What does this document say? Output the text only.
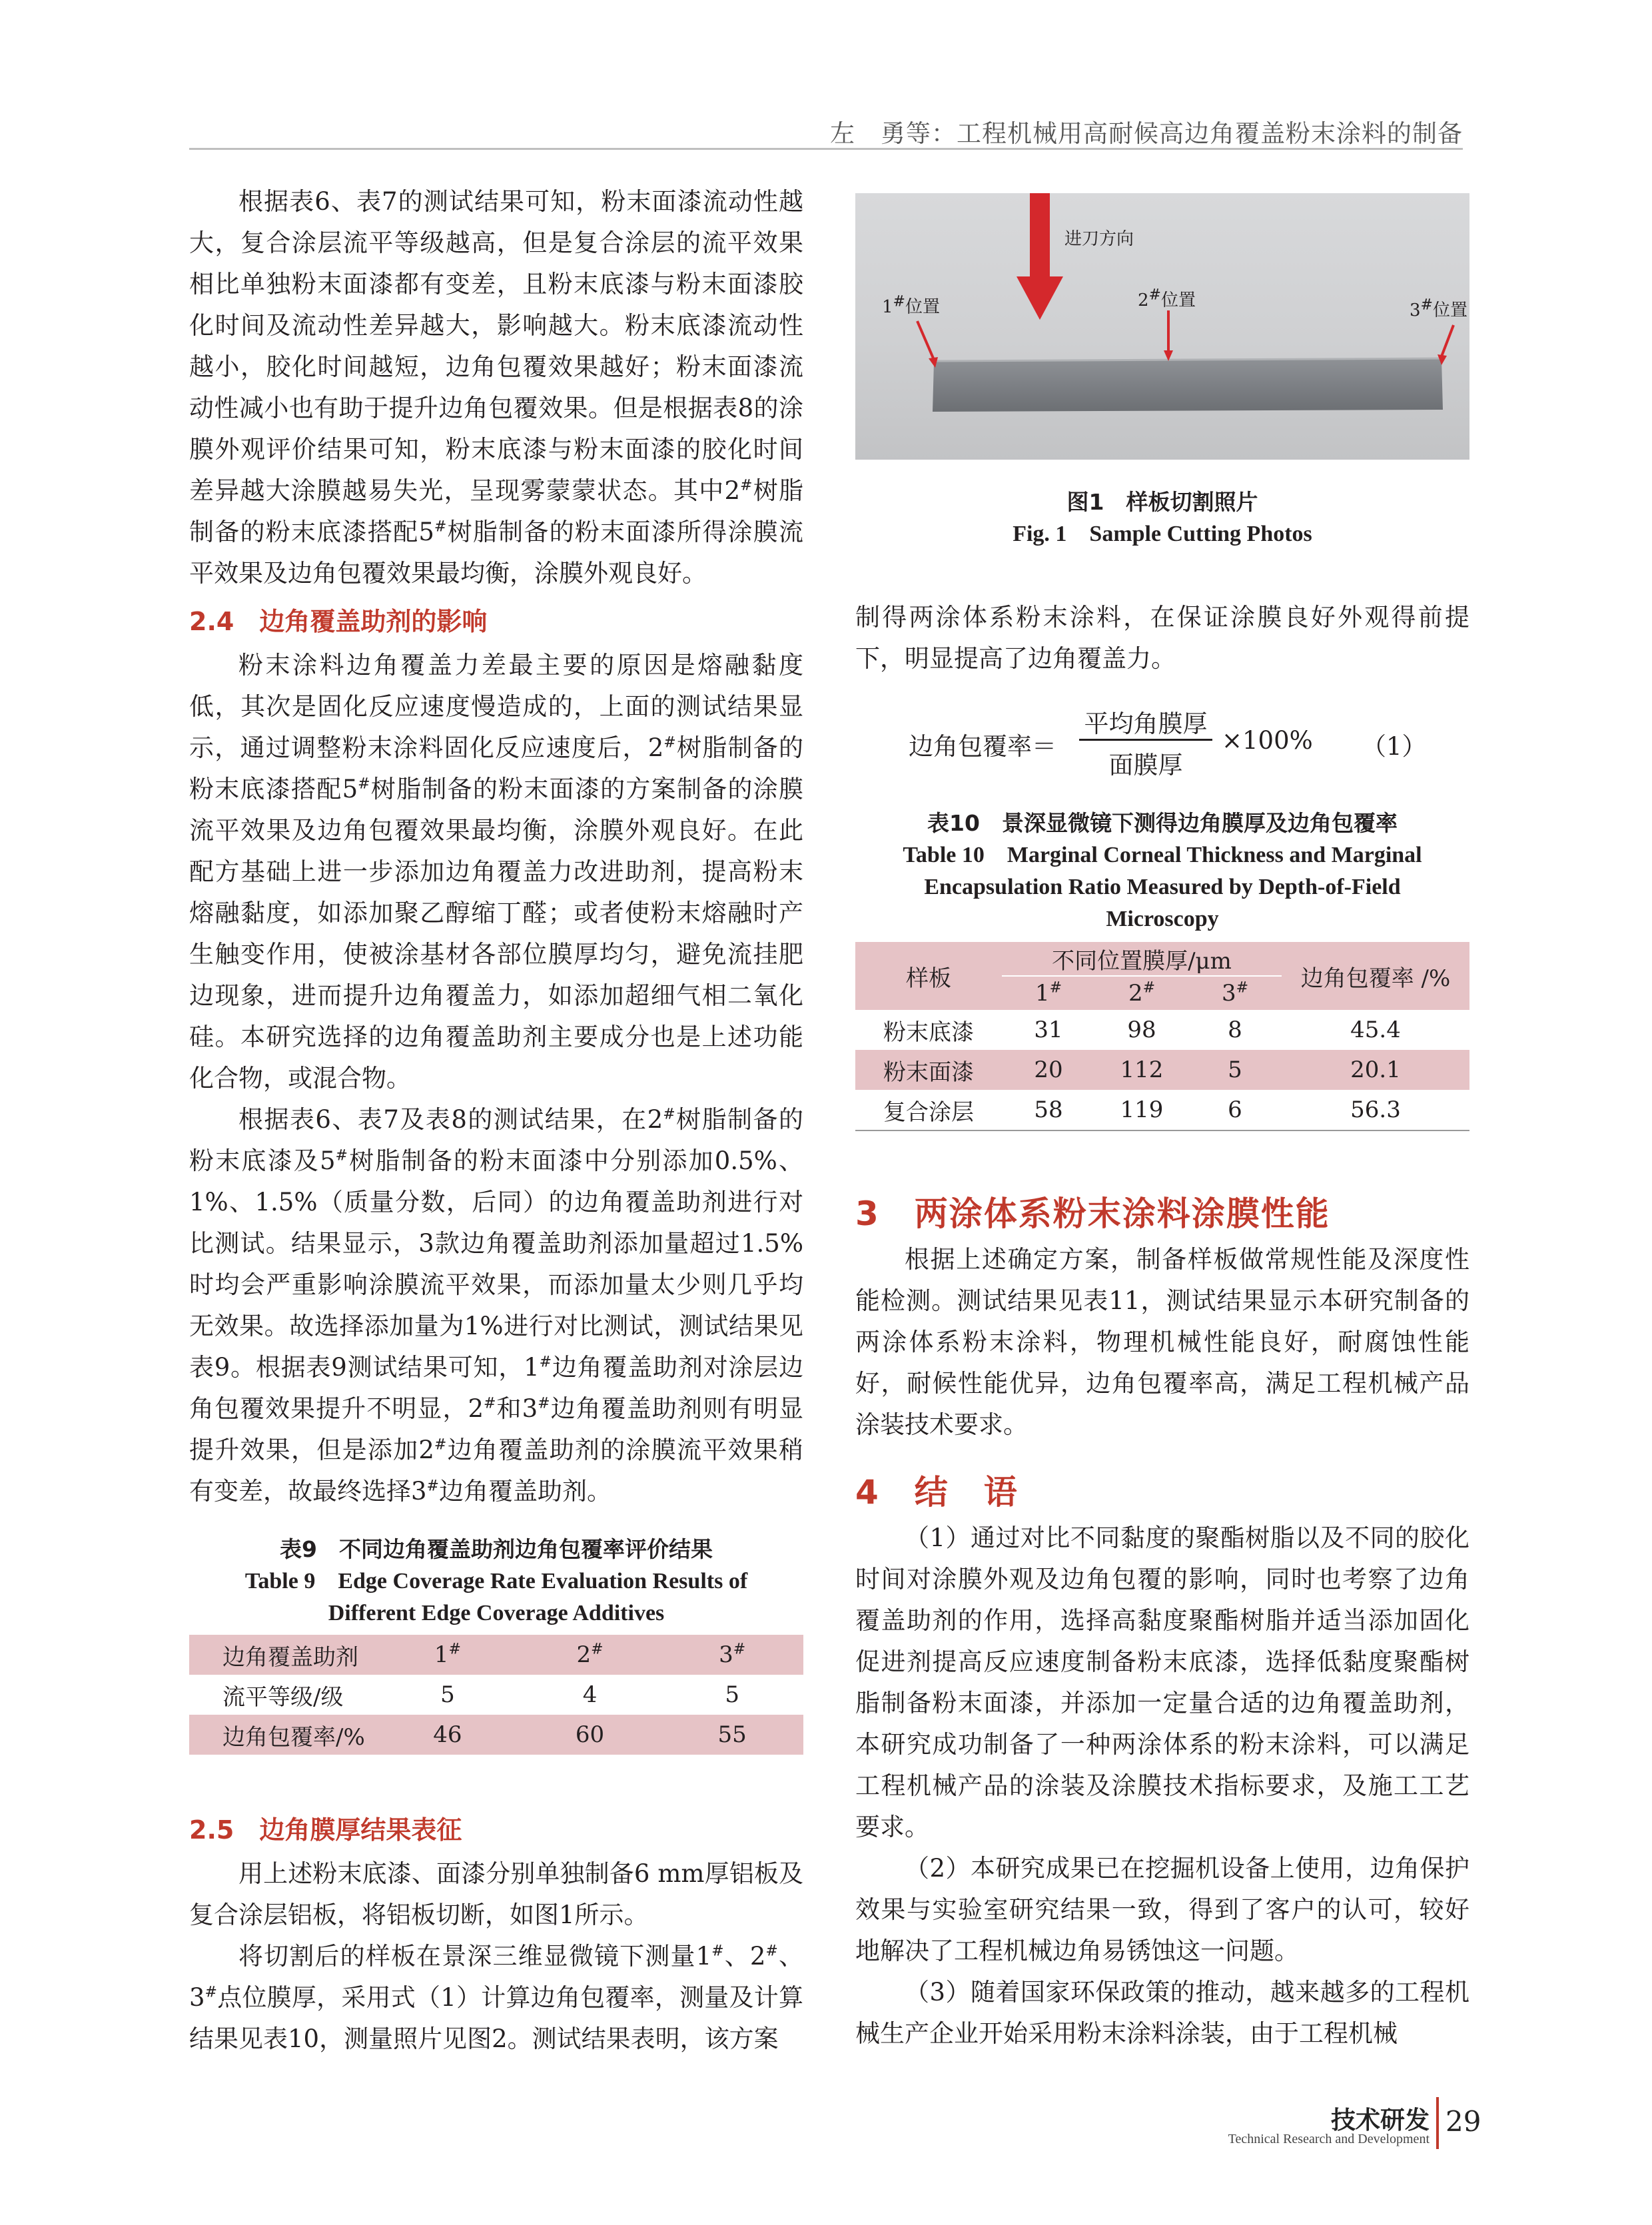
左　勇等：工程机械用高耐候高边角覆盖粉末涂料的制备

根据表6、表7的测试结果可知，粉末面漆流动性越大，复合涂层流平等级越高，但是复合涂层的流平效果相比单独粉末面漆都有变差，且粉末底漆与粉末面漆胶化时间及流动性差异越大，影响越大。粉末底漆流动性越小，胶化时间越短，边角包覆效果越好；粉末面漆流动性减小也有助于提升边角包覆效果。但是根据表8的涂膜外观评价结果可知，粉末底漆与粉末面漆的胶化时间差异越大涂膜越易失光，呈现雾蒙蒙状态。其中2#树脂制备的粉末底漆搭配5#树脂制备的粉末面漆所得涂膜流平效果及边角包覆效果最均衡，涂膜外观良好。

2.4　边角覆盖助剂的影响

粉末涂料边角覆盖力差最主要的原因是熔融黏度低，其次是固化反应速度慢造成的，上面的测试结果显示，通过调整粉末涂料固化反应速度后，2#树脂制备的粉末底漆搭配5#树脂制备的粉末面漆的方案制备的涂膜流平效果及边角包覆效果最均衡，涂膜外观良好。在此配方基础上进一步添加边角覆盖力改进助剂，提高粉末熔融黏度，如添加聚乙醇缩丁醛；或者使粉末熔融时产生触变作用，使被涂基材各部位膜厚均匀，避免流挂肥边现象，进而提升边角覆盖力，如添加超细气相二氧化硅。本研究选择的边角覆盖助剂主要成分也是上述功能化合物，或混合物。

根据表6、表7及表8的测试结果，在2#树脂制备的粉末底漆及5#树脂制备的粉末面漆中分别添加0.5%、1%、1.5%（质量分数，后同）的边角覆盖助剂进行对比测试。结果显示，3款边角覆盖助剂添加量超过1.5%时均会严重影响涂膜流平效果，而添加量太少则几乎均无效果。故选择添加量为1%进行对比测试，测试结果见表9。根据表9测试结果可知，1#边角覆盖助剂对涂层边角包覆效果提升不明显，2#和3#边角覆盖助剂则有明显提升效果，但是添加2#边角覆盖助剂的涂膜流平效果稍有变差，故最终选择3#边角覆盖助剂。

表9　不同边角覆盖助剂边角包覆率评价结果
Table 9　Edge Coverage Rate Evaluation Results of Different Edge Coverage Additives
边角覆盖助剂	1#	2#	3#
流平等级/级	5	4	5
边角包覆率/%	46	60	55

2.5　边角膜厚结果表征

用上述粉末底漆、面漆分别单独制备6 mm厚铝板及复合涂层铝板，将铝板切断，如图1所示。

将切割后的样板在景深三维显微镜下测量1#、2#、3#点位膜厚，采用式（1）计算边角包覆率，测量及计算结果见表10，测量照片见图2。测试结果表明，该方案

进刀方向
1#位置	2#位置	3#位置
图1　样板切割照片
Fig. 1　Sample Cutting Photos

制得两涂体系粉末涂料，在保证涂膜良好外观得前提下，明显提高了边角覆盖力。

边角包覆率＝
平均角膜厚
面膜厚
×100% （1）
表10　景深显微镜下测得边角膜厚及边角包覆率
Table 10　Marginal Corneal Thickness and Marginal Encapsulation Ratio Measured by Depth-of-Field Microscopy
样板	不同位置膜厚/μm			边角包覆率 /%
	1#	2#	3#
粉末底漆	31	98	8	45.4
粉末面漆	20	112	5	20.1
复合涂层	58	119	6	56.3
3　两涂体系粉末涂料涂膜性能

根据上述确定方案，制备样板做常规性能及深度性能检测。测试结果见表11，测试结果显示本研究制备的两涂体系粉末涂料，物理机械性能良好，耐腐蚀性能好，耐候性能优异，边角包覆率高，满足工程机械产品涂装技术要求。

4　结　语

（1）通过对比不同黏度的聚酯树脂以及不同的胶化时间对涂膜外观及边角包覆的影响，同时也考察了边角覆盖助剂的作用，选择高黏度聚酯树脂并适当添加固化促进剂提高反应速度制备粉末底漆，选择低黏度聚酯树脂制备粉末面漆，并添加一定量合适的边角覆盖助剂，本研究成功制备了一种两涂体系的粉末涂料，可以满足工程机械产品的涂装及涂膜技术指标要求，及施工工艺要求。

（2）本研究成果已在挖掘机设备上使用，边角保护效果与实验室研究结果一致，得到了客户的认可，较好地解决了工程机械边角易锈蚀这一问题。

（3）随着国家环保政策的推动，越来越多的工程机械生产企业开始采用粉末涂料涂装，由于工程机械

技术研发
Technical Research and Development
29
